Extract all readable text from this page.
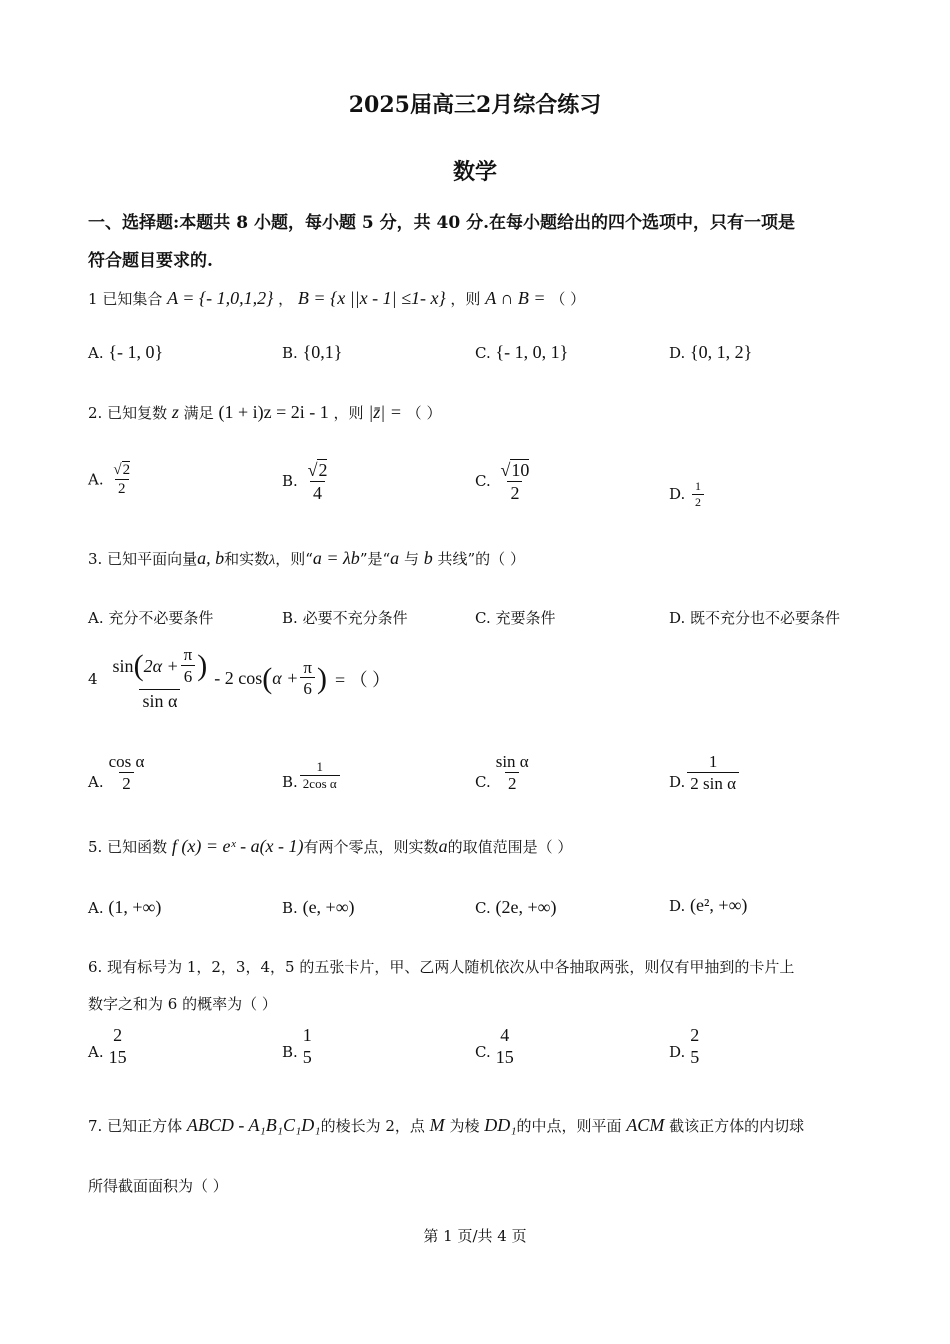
2025届高三2月综合练习
数学
一、选择题:本题共 8 小题，每小题 5 分，共 40 分.在每小题给出的四个选项中，只有一项是
符合题目要求的.
1 已知集合 A = {- 1,0,1,2} ， B = {x ||x - 1| ≤1- x} ，则 A ∩ B = （ ）
A. {- 1, 0}	B. {0,1}	C. {- 1, 0, 1}	D. {0, 1, 2}
2. 已知复数 z 满足 (1 + i)z = 2i - 1 ，则 |z̄| = （ ）
A. $\frac{√2}{2}$	B. $\frac{√2}{4}$	C. $\frac{√10}{2}$	D. $\frac{1}{2}$
3. 已知平面向量a, b和实数λ，则“a = λb”是“a 与 b 共线”的（ ）
A. 充分不必要条件	B. 必要不充分条件	C. 充要条件	D. 既不充分也不必要条件
$4 \frac{\sin ( 2\alpha + \frac{\pi}{6} )}{\text{sin α}} - 2$ cos ( $\alpha + \frac{\pi}{6}$ ) = （ ）
A. $\frac{\text{cos α}}{2}$	B. $\frac{1}{\text{2cos α}}$	C. $\frac{\text{sin α}}{2}$	D. $\frac{1}{\text{2 sin α}}$
5. 已知函数 f (x) = eˣ - a(x - 1)有两个零点，则实数a的取值范围是（ ）
A. (1, +∞)	B. (e, +∞)	C. (2e, +∞)	D. (e², +∞)
6. 现有标号为 1，2，3，4，5 的五张卡片，甲、乙两人随机依次从中各抽取两张，则仅有甲抽到的卡片上
数字之和为 6 的概率为（ ）
A.
2
15	B.
1
5	C.
4
15	D.
2
5
7. 已知正方体 ABCD - A₁B₁C₁D₁的棱长为 2，点 M 为棱 DD₁的中点，则平面 ACM 截该正方体的内切球
所得截面面积为（ ）
第 1 页/共 4 页
